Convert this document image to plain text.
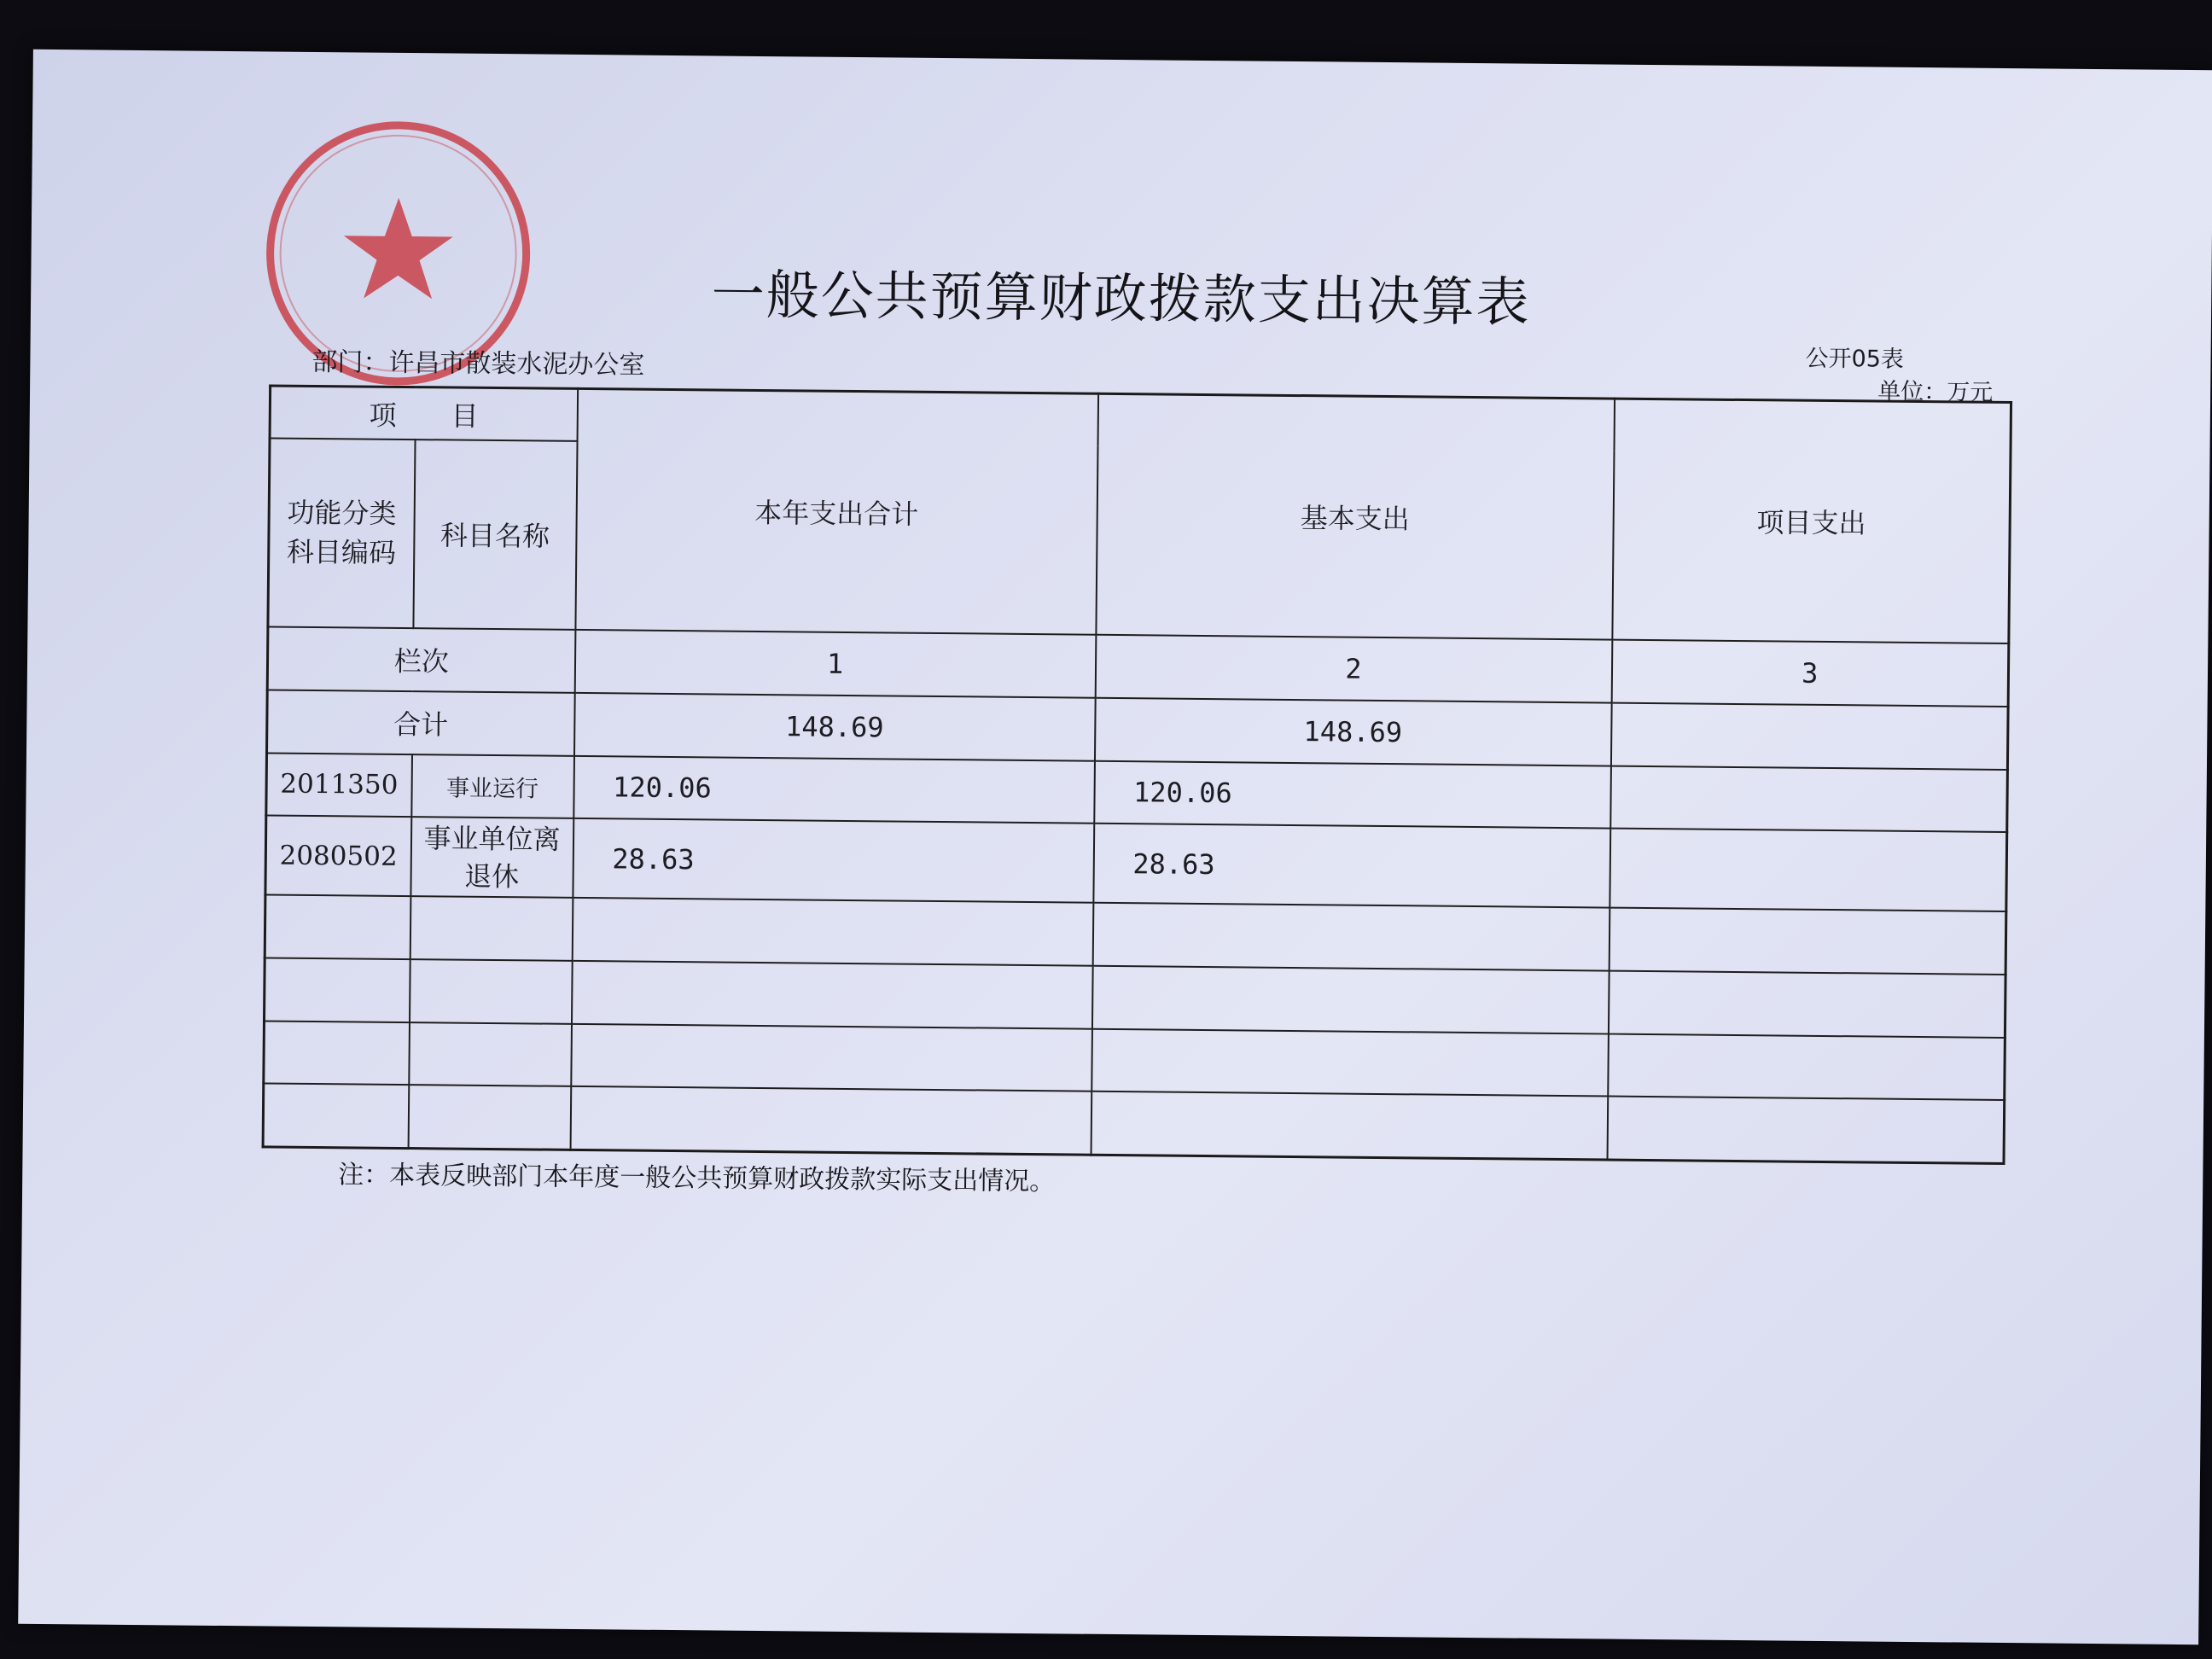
一般公共预算财政拨款支出决算表
公开05表
单位：万元
部门：许昌市散装水泥办公室
项　　目		本年支出合计	基本支出	项目支出
功能分类科目编码	科目名称			
栏次		1	2	3
合计		148.69	148.69	
2011350	事业运行	120.06	120.06	
2080502	事业单位离退休	28.63	28.63	

注：本表反映部门本年度一般公共预算财政拨款实际支出情况。
